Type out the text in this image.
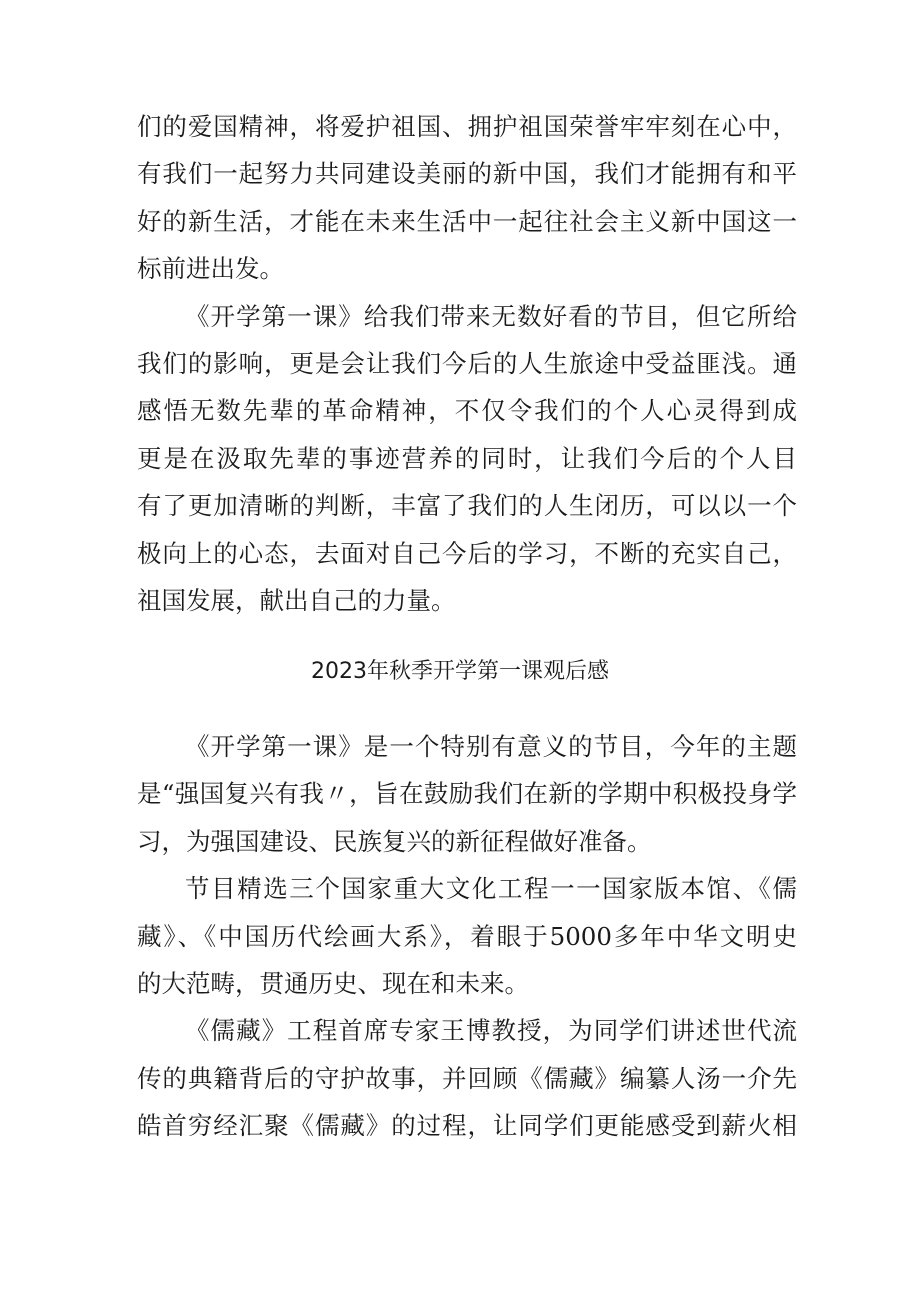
们的爱国精神，将爱护祖国、拥护祖国荣誉牢牢刻在心中，
有我们一起努力共同建设美丽的新中国，我们才能拥有和平
好的新生活，才能在未来生活中一起往社会主义新中国这一
标前进出发。
《开学第一课》给我们带来无数好看的节目，但它所给
我们的影响，更是会让我们今后的人生旅途中受益匪浅。通
感悟无数先辈的革命精神，不仅令我们的个人心灵得到成
更是在汲取先辈的事迹营养的同时，让我们今后的个人目
有了更加清晰的判断，丰富了我们的人生闭历，可以以一个
极向上的心态，去面对自己今后的学习，不断的充实自己，
祖国发展，献出自己的力量。
2023年秋季开学第一课观后感
《开学第一课》是一个特别有意义的节目，今年的主题
是“强国复兴有我〃，旨在鼓励我们在新的学期中积极投身学
习，为强国建设、民族复兴的新征程做好准备。
节目精选三个国家重大文化工程一一国家版本馆、《儒
藏》、《中国历代绘画大系》，着眼于5000多年中华文明史
的大范畴，贯通历史、现在和未来。
《儒藏》工程首席专家王博教授，为同学们讲述世代流
传的典籍背后的守护故事，并回顾《儒藏》编纂人汤一介先
皓首穷经汇聚《儒藏》的过程，让同学们更能感受到薪火相
